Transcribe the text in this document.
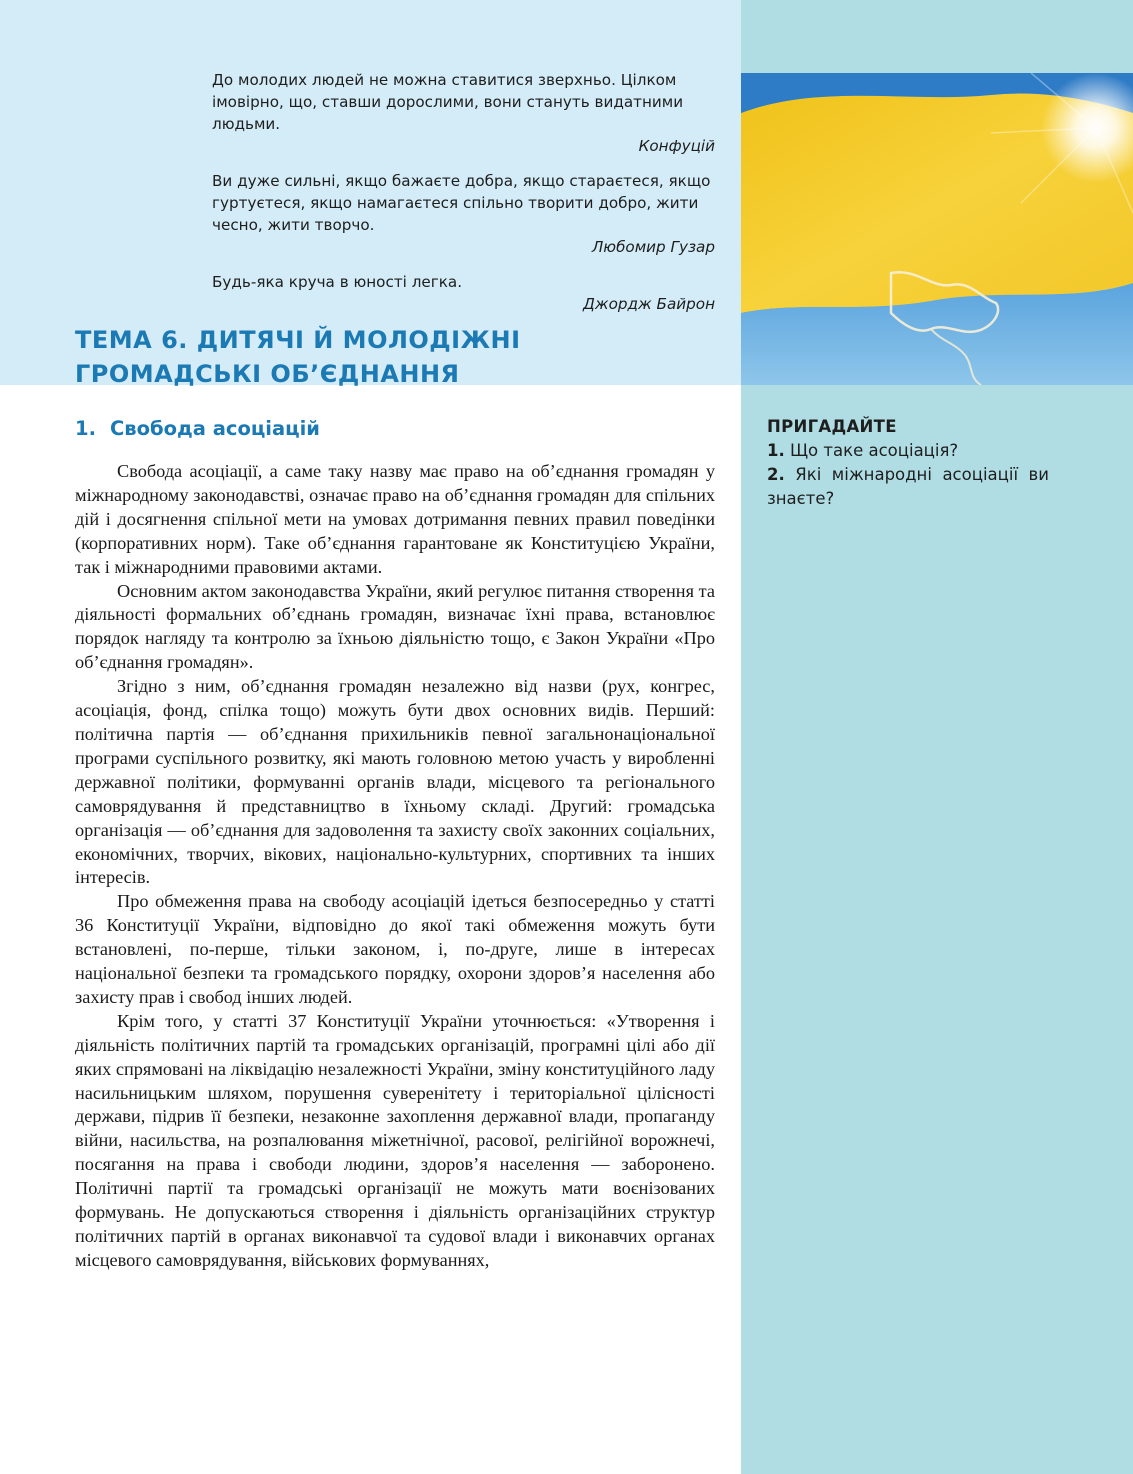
До молодих людей не можна ставитися зверхньо. Цілком імовірно, що, ставши дорослими, вони стануть видатними людьми.

Конфуцій

Ви дуже сильні, якщо бажаєте добра, якщо стараєтеся, якщо гуртуєтеся, якщо намагаєтеся спільно творити добро, жити чесно, жити творчо.

Любомир Гузар

Будь-яка круча в юності легка.

Джордж Байрон

ТЕМА 6. ДИТЯЧІ Й МОЛОДІЖНІ
ГРОМАДСЬКІ ОБ’ЄДНАННЯ
1. Свобода асоціацій

Свобода асоціації, а саме таку назву має право на об’єднання громадян у міжнародному законодавстві, означає право на об’єднання громадян для спільних дій і досягнення спільної мети на умовах дотримання певних правил поведінки (корпоративних норм). Таке об’єднання гарантоване як Конституцією України, так і міжнародними правовими актами.

Основним актом законодавства України, який регулює питання створення та діяльності формальних об’єднань громадян, визначає їхні права, встановлює порядок нагляду та контролю за їхньою діяльністю тощо, є Закон України «Про об’єднання громадян».

Згідно з ним, об’єднання громадян незалежно від назви (рух, конгрес, асоціація, фонд, спілка тощо) можуть бути двох основних видів. Перший: політична партія — об’єднання прихильників певної загальнонаціональної програми суспільного розвитку, які мають головною метою участь у виробленні державної політики, формуванні органів влади, місцевого та регіонального самоврядування й представництво в їхньому складі. Другий: громадська організація — об’єднання для задоволення та захисту своїх законних соціальних, економічних, творчих, вікових, національно-культурних, спортивних та інших інтересів.

Про обмеження права на свободу асоціацій ідеться безпосередньо у статті 36 Конституції України, відповідно до якої такі обмеження можуть бути встановлені, по-перше, тільки законом, і, по-друге, лише в інтересах національної безпеки та громадського порядку, охорони здоров’я населення або захисту прав і свобод інших людей.

Крім того, у статті 37 Конституції України уточнюється: «Утворення і діяльність політичних партій та громадських організацій, програмні цілі або дії яких спрямовані на ліквідацію незалежності України, зміну конституційного ладу насильницьким шляхом, порушення суверенітету і територіальної цілісності держави, підрив її безпеки, незаконне захоплення державної влади, пропаганду війни, насильства, на розпалювання міжетнічної, расової, релігійної ворожнечі, посягання на права і свободи людини, здоров’я населення — заборонено. Політичні партії та громадські організації не можуть мати воєнізованих формувань. Не допускаються створення і діяльність організаційних структур політичних партій в органах виконавчої та судової влади і виконавчих органах місцевого самоврядування, військових формуваннях,

ПРИГАДАЙТЕ

1. Що таке асоціація?

2. Які міжнародні асоціації ви знаєте?
